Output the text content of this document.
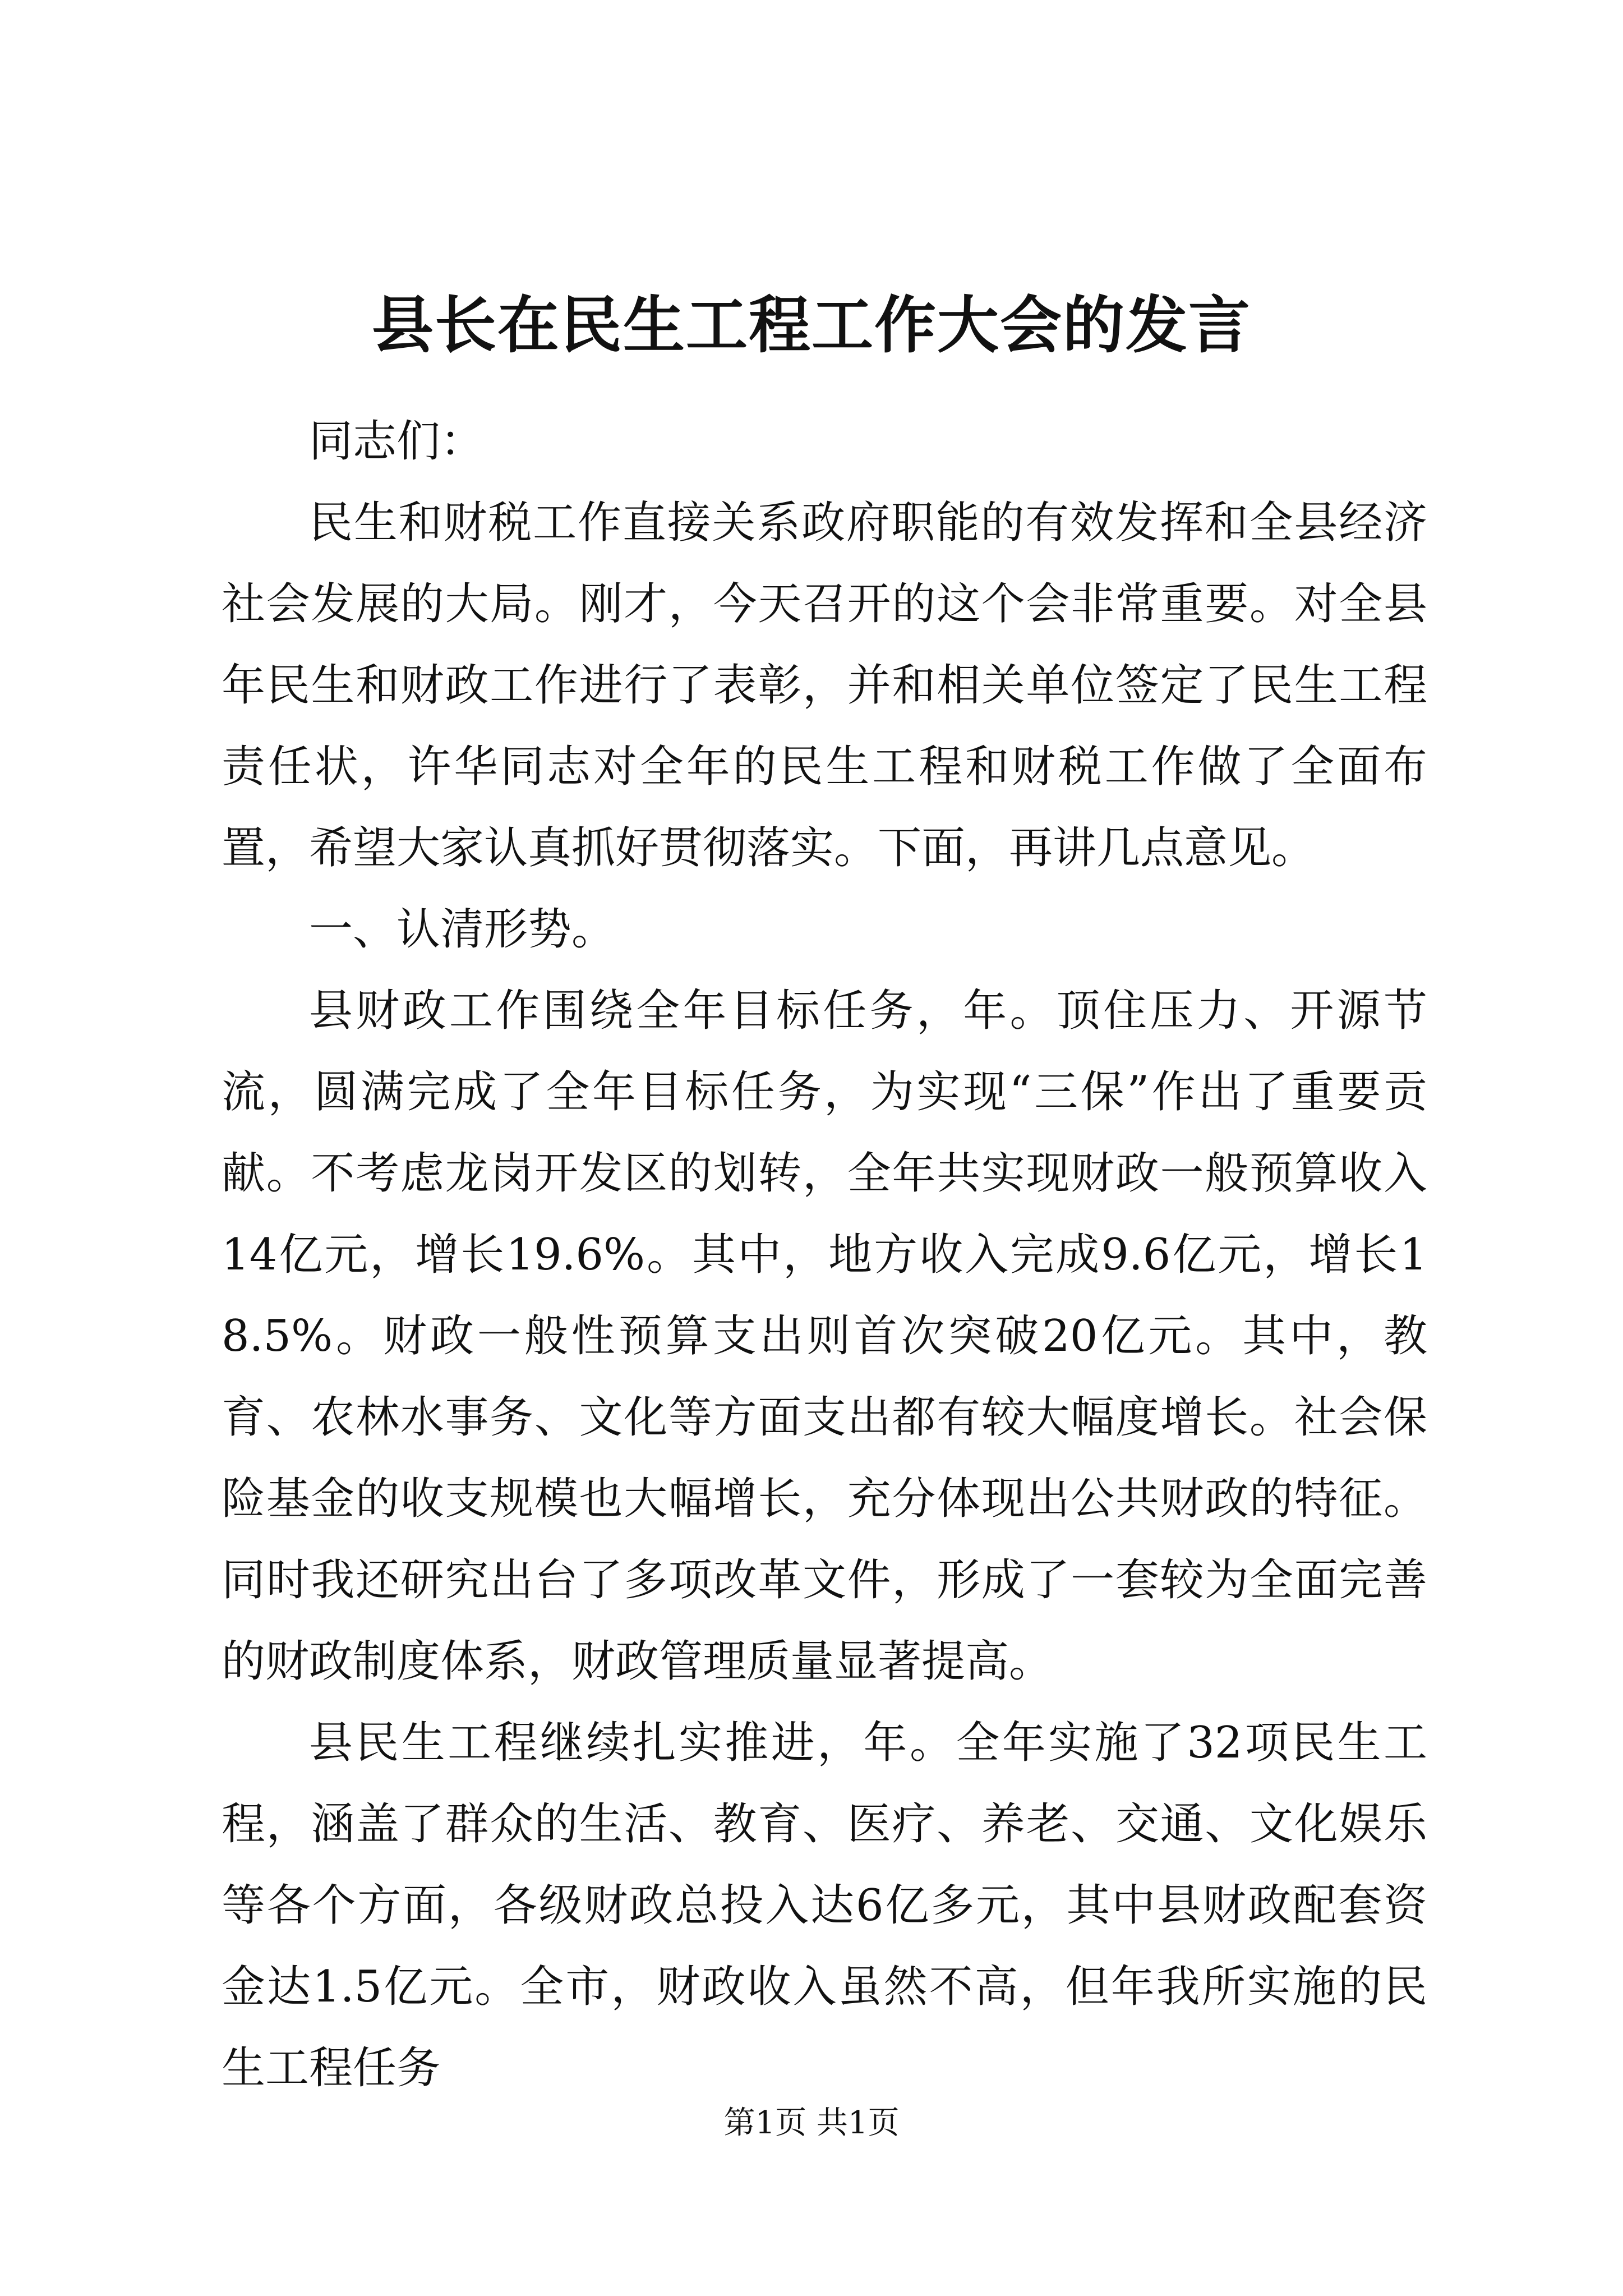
县长在民生工程工作大会的发言

同志们：

民生和财税工作直接关系政府职能的有效发挥和全县经济社会发展的大局。刚才，今天召开的这个会非常重要。对全县年民生和财政工作进行了表彰，并和相关单位签定了民生工程责任状，许华同志对全年的民生工程和财税工作做了全面布置，希望大家认真抓好贯彻落实。下面，再讲几点意见。

一、认清形势。

县财政工作围绕全年目标任务，年。顶住压力、开源节流，圆满完成了全年目标任务，为实现“三保”作出了重要贡献。不考虑龙岗开发区的划转，全年共实现财政一般预算收入14亿元，增长19.6%。其中，地方收入完成9.6亿元，增长18.5%。财政一般性预算支出则首次突破20亿元。其中，教育、农林水事务、文化等方面支出都有较大幅度增长。社会保险基金的收支规模也大幅增长，充分体现出公共财政的特征。同时我还研究出台了多项改革文件，形成了一套较为全面完善的财政制度体系，财政管理质量显著提高。

县民生工程继续扎实推进，年。全年实施了32项民生工程，涵盖了群众的生活、教育、医疗、养老、交通、文化娱乐等各个方面，各级财政总投入达6亿多元，其中县财政配套资金达1.5亿元。全市，财政收入虽然不高，但年我所实施的民生工程任务

第1页 共1页
